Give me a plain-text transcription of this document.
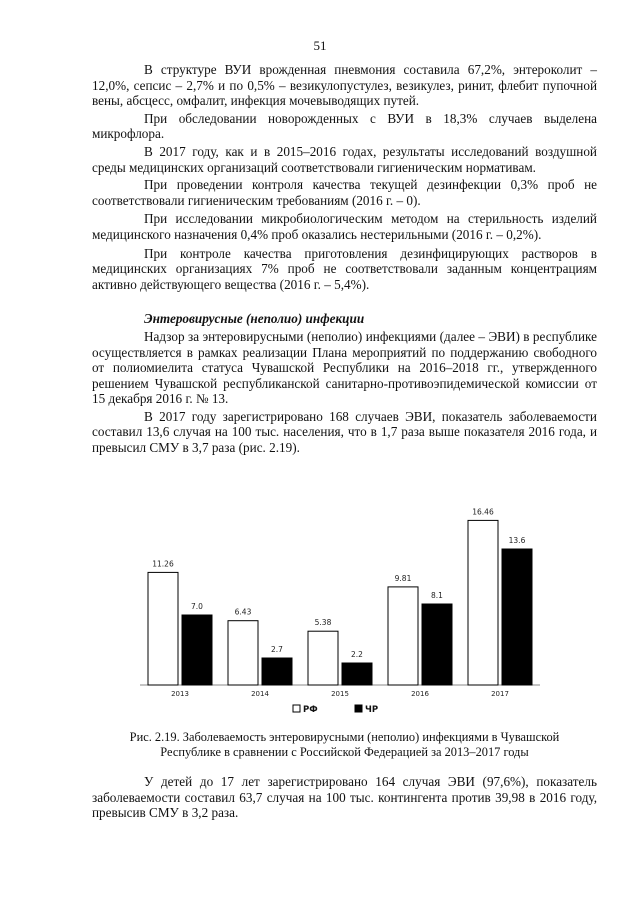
51

В структуре ВУИ врожденная пневмония составила 67,2%, энтероколит – 12,0%, сепсис – 2,7% и по 0,5% – везикулопустулез, везикулез, ринит, флебит пупочной вены, абсцесс, омфалит, инфекция мочевыводящих путей.

При обследовании новорожденных с ВУИ в 18,3% случаев выделена микрофлора.

В 2017 году, как и в 2015–2016 годах, результаты исследований воздушной среды медицинских организаций соответствовали гигиеническим нормативам.

При проведении контроля качества текущей дезинфекции 0,3% проб не соответствовали гигиеническим требованиям (2016 г. – 0).

При исследовании микробиологическим методом на стерильность изделий медицинского назначения 0,4% проб оказались нестерильными (2016 г. – 0,2%).

При контроле качества приготовления дезинфицирующих растворов в медицинских организациях 7% проб не соответствовали заданным концентрациям активно действующего вещества (2016 г. – 5,4%).

Энтеровирусные (неполио) инфекции

Надзор за энтеровирусными (неполио) инфекциями (далее – ЭВИ) в республике осуществляется в рамках реализации Плана мероприятий по поддержанию свободного от полиомиелита статуса Чувашской Республики на 2016–2018 гг., утвержденного решением Чувашской республиканской санитарно-противоэпидемической комиссии от 15 декабря 2016 г. № 13.

В 2017 году зарегистрировано 168 случаев ЭВИ, показатель заболеваемости составил 13,6 случая на 100 тыс. населения, что в 1,7 раза выше показателя 2016 года, и превысил СМУ в 3,7 раза (рис. 2.19).

11.26
7.0
2013
6.43
2.7
2014
5.38
2.2
2015
9.81
8.1
2016
16.46
13.6
2017
РФ	ЧР
Рис. 2.19. Заболеваемость энтеровирусными (неполио) инфекциями в Чувашской
Республике в сравнении с Российской Федерацией за 2013–2017 годы

У детей до 17 лет зарегистрировано 164 случая ЭВИ (97,6%), показатель заболеваемости составил 63,7 случая на 100 тыс. контингента против 39,98 в 2016 году, превысив СМУ в 3,2 раза.
